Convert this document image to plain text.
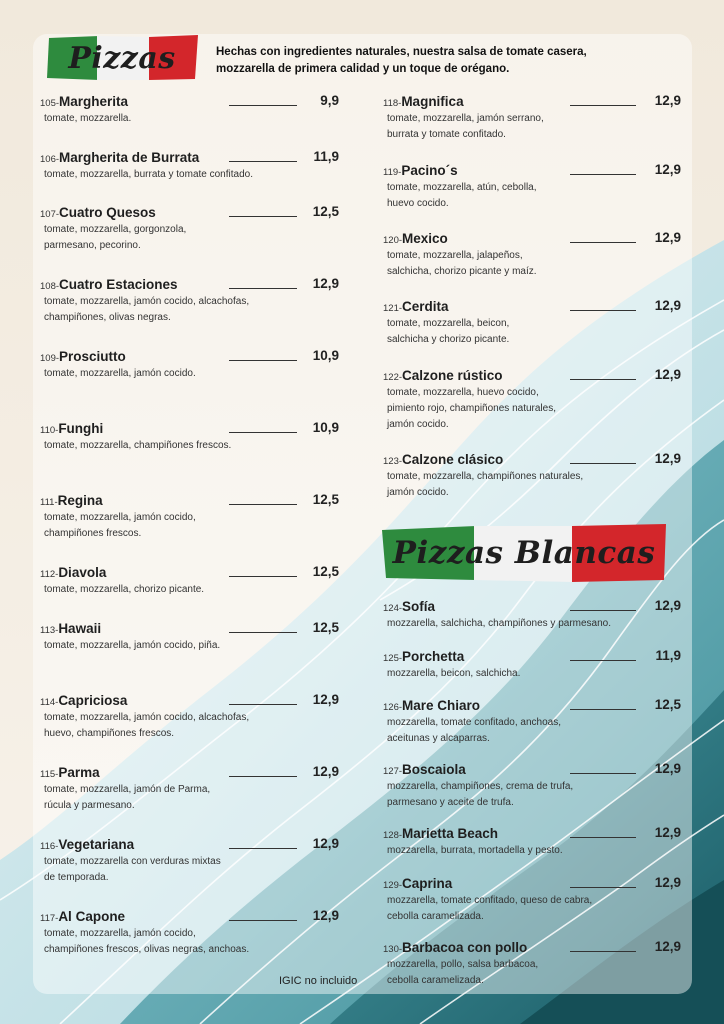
Pizzas	Hechas con ingredientes naturales, nuestra salsa de tomate casera,
mozzarella de primera calidad y un toque de orégano.
Pizzas Blancas
105-Margherita	9,9
tomate, mozzarella.
106-Margherita de Burrata	11,9
tomate, mozzarella, burrata y tomate confitado.
107-Cuatro Quesos	12,5
tomate, mozzarella, gorgonzola,
parmesano, pecorino.
108-Cuatro Estaciones	12,9
tomate, mozzarella, jamón cocido, alcachofas,
champiñones, olivas negras.
109-Prosciutto	10,9
tomate, mozzarella, jamón cocido.
110-Funghi	10,9
tomate, mozzarella, champiñones frescos.
111-Regina	12,5
tomate, mozzarella, jamón cocido,
champiñones frescos.
112-Diavola	12,5
tomate, mozzarella, chorizo picante.
113-Hawaii	12,5
tomate, mozzarella, jamón cocido, piña.
114-Capriciosa	12,9
tomate, mozzarella, jamón cocido, alcachofas,
huevo, champiñones frescos.
115-Parma	12,9
tomate, mozzarella, jamón de Parma,
rúcula y parmesano.
116-Vegetariana	12,9
tomate, mozzarella con verduras mixtas
de temporada.
117-Al Capone	12,9
tomate, mozzarella, jamón cocido,
champiñones frescos, olivas negras, anchoas.
118-Magnifica	12,9
tomate, mozzarella, jamón serrano,
burrata y tomate confitado.
119-Pacino´s	12,9
tomate, mozzarella, atún, cebolla,
huevo cocido.
120-Mexico	12,9
tomate, mozzarella, jalapeños,
salchicha, chorizo picante y maíz.
121-Cerdita	12,9
tomate, mozzarella, beicon,
salchicha y chorizo picante.
122-Calzone rústico	12,9
tomate, mozzarella, huevo cocido,
pimiento rojo, champiñones naturales,
jamón cocido.
123-Calzone clásico	12,9
tomate, mozzarella, champiñones naturales,
jamón cocido.
124-Sofía	12,9
mozzarella, salchicha, champiñones y parmesano.
125-Porchetta	11,9
mozzarella, beicon, salchicha.
126-Mare Chiaro	12,5
mozzarella, tomate confitado, anchoas,
aceitunas y alcaparras.
127-Boscaiola	12,9
mozzarella, champiñones, crema de trufa,
parmesano y aceite de trufa.
128-Marietta Beach	12,9
mozzarella, burrata, mortadella y pesto.
129-Caprina	12,9
mozzarella, tomate confitado, queso de cabra,
cebolla caramelizada.
130-Barbacoa con pollo	12,9
mozzarella, pollo, salsa barbacoa,
cebolla caramelizada.
IGIC no incluido
